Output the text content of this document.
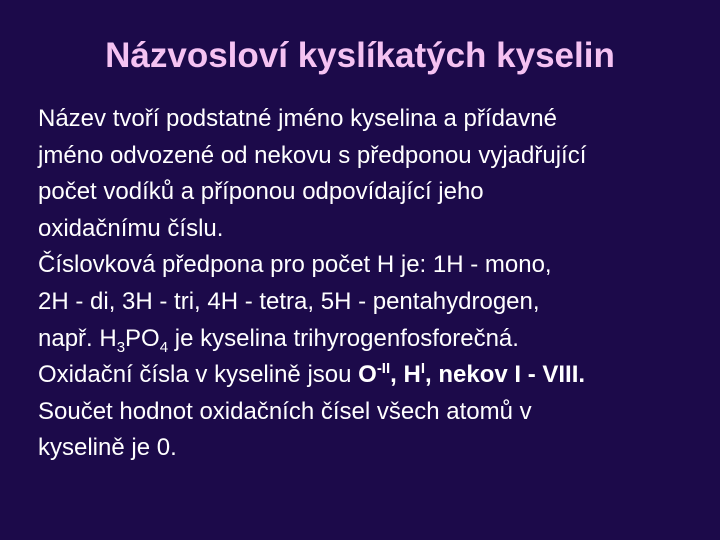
Názvosloví kyslíkatých kyselin
Název tvoří podstatné jméno kyselina a přídavné
jméno odvozené od nekovu s předponou vyjadřující
počet vodíků a příponou odpovídající jeho
oxidačnímu číslu.
Číslovková předpona pro počet H je: 1H - mono,
2H - di, 3H - tri, 4H - tetra, 5H - pentahydrogen,
např. $H_3PO_4$ je kyselina trihyrogenfosforečná.
Oxidační čísla v kyselině jsou $O^{-II}$, $H^I$, nekov I - VIII.
Součet hodnot oxidačních čísel všech atomů v
kyselině je 0.
